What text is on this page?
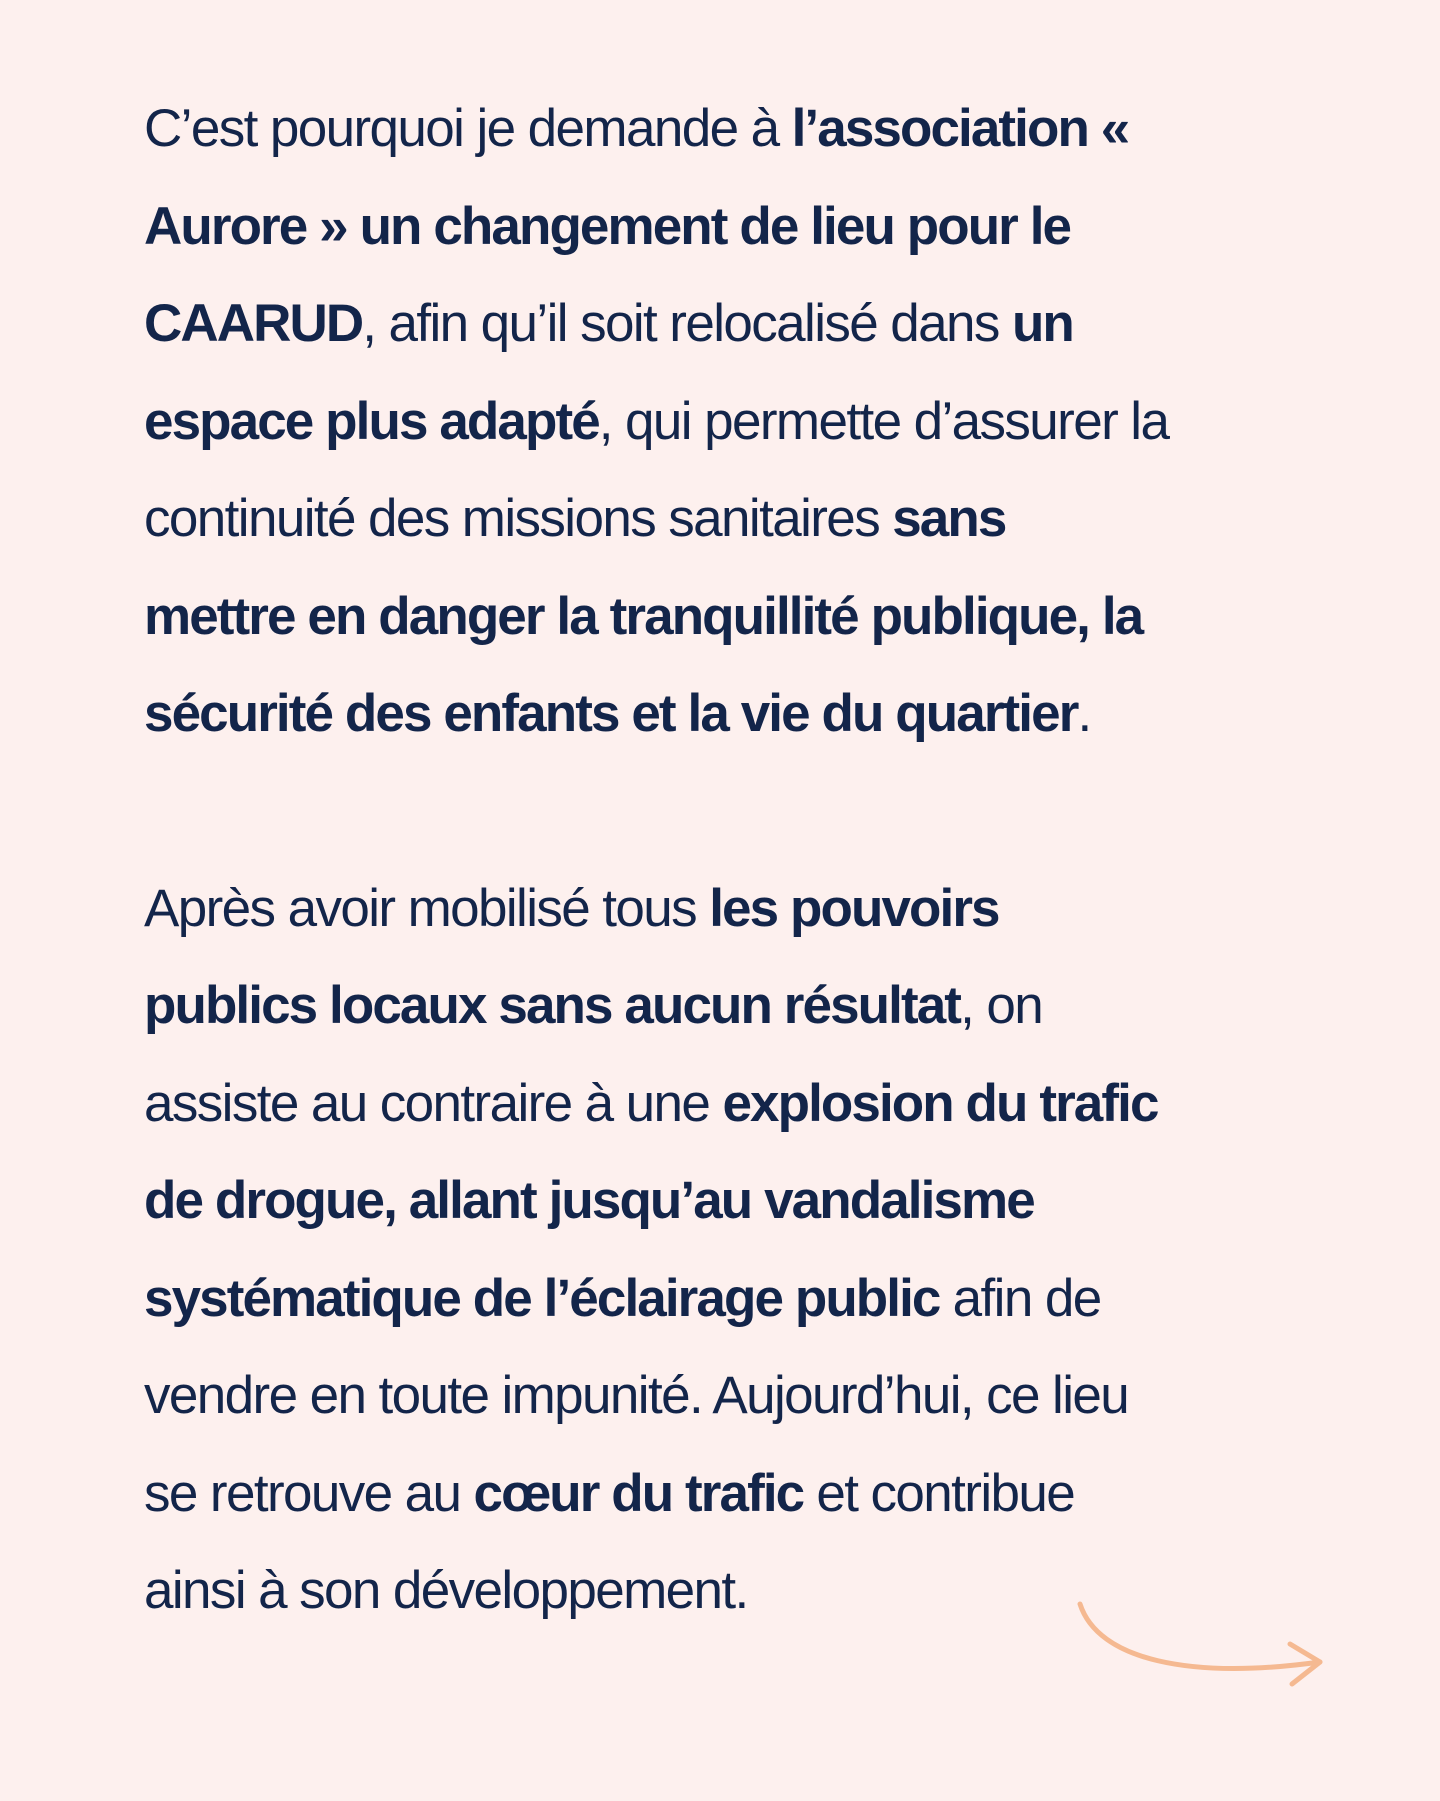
C’est pourquoi je demande à l’association «
Aurore » un changement de lieu pour le
CAARUD, afin qu’il soit relocalisé dans un
espace plus adapté, qui permette d’assurer la
continuité des missions sanitaires sans
mettre en danger la tranquillité publique, la
sécurité des enfants et la vie du quartier.

Après avoir mobilisé tous les pouvoirs
publics locaux sans aucun résultat, on
assiste au contraire à une explosion du trafic
de drogue, allant jusqu’au vandalisme
systématique de l’éclairage public afin de
vendre en toute impunité. Aujourd’hui, ce lieu
se retrouve au cœur du trafic et contribue
ainsi à son développement.
